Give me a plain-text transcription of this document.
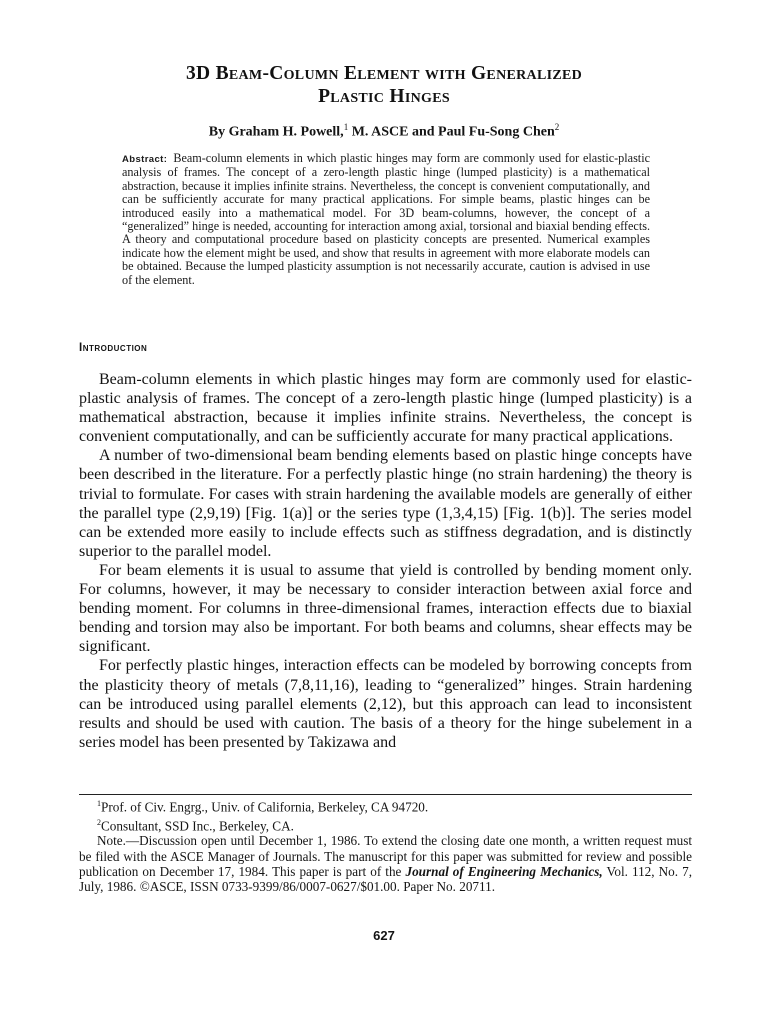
3D Beam-Column Element with Generalized
Plastic Hinges
By Graham H. Powell,$^1$ M. ASCE and Paul Fu-Song Chen$^2$
Abstract: Beam-column elements in which plastic hinges may form are commonly used for elastic-plastic analysis of frames. The concept of a zero-length plastic hinge (lumped plasticity) is a mathematical abstraction, because it implies infinite strains. Nevertheless, the concept is convenient computationally, and can be sufficiently accurate for many practical applications. For simple beams, plastic hinges can be introduced easily into a mathematical model. For 3D beam-columns, however, the concept of a “generalized” hinge is needed, accounting for interaction among axial, torsional and biaxial bending effects. A theory and computational procedure based on plasticity concepts are presented. Numerical examples indicate how the element might be used, and show that results in agreement with more elaborate models can be obtained. Because the lumped plasticity assumption is not necessarily accurate, caution is advised in use of the element.
Introduction

Beam-column elements in which plastic hinges may form are commonly used for elastic-plastic analysis of frames. The concept of a zero-length plastic hinge (lumped plasticity) is a mathematical abstraction, because it implies infinite strains. Nevertheless, the concept is convenient computationally, and can be sufficiently accurate for many practical applications.

A number of two-dimensional beam bending elements based on plastic hinge concepts have been described in the literature. For a perfectly plastic hinge (no strain hardening) the theory is trivial to formulate. For cases with strain hardening the available models are generally of either the parallel type (2,9,19) [Fig. 1(a)] or the series type (1,3,4,15) [Fig. 1(b)]. The series model can be extended more easily to include effects such as stiffness degradation, and is distinctly superior to the parallel model.

For beam elements it is usual to assume that yield is controlled by bending moment only. For columns, however, it may be necessary to consider interaction between axial force and bending moment. For columns in three-dimensional frames, interaction effects due to biaxial bending and torsion may also be important. For both beams and columns, shear effects may be significant.

For perfectly plastic hinges, interaction effects can be modeled by borrowing concepts from the plasticity theory of metals (7,8,11,16), leading to “generalized” hinges. Strain hardening can be introduced using parallel elements (2,12), but this approach can lead to inconsistent results and should be used with caution. The basis of a theory for the hinge subelement in a series model has been presented by Takizawa and

$^1$Prof. of Civ. Engrg., Univ. of California, Berkeley, CA 94720.

$^2$Consultant, SSD Inc., Berkeley, CA.

Note.—Discussion open until December 1, 1986. To extend the closing date one month, a written request must be filed with the ASCE Manager of Journals. The manuscript for this paper was submitted for review and possible publication on December 17, 1984. This paper is part of the Journal of Engineering Mechanics, Vol. 112, No. 7, July, 1986. ©ASCE, ISSN 0733-9399/86/0007-0627/$01.00. Paper No. 20711.

627
